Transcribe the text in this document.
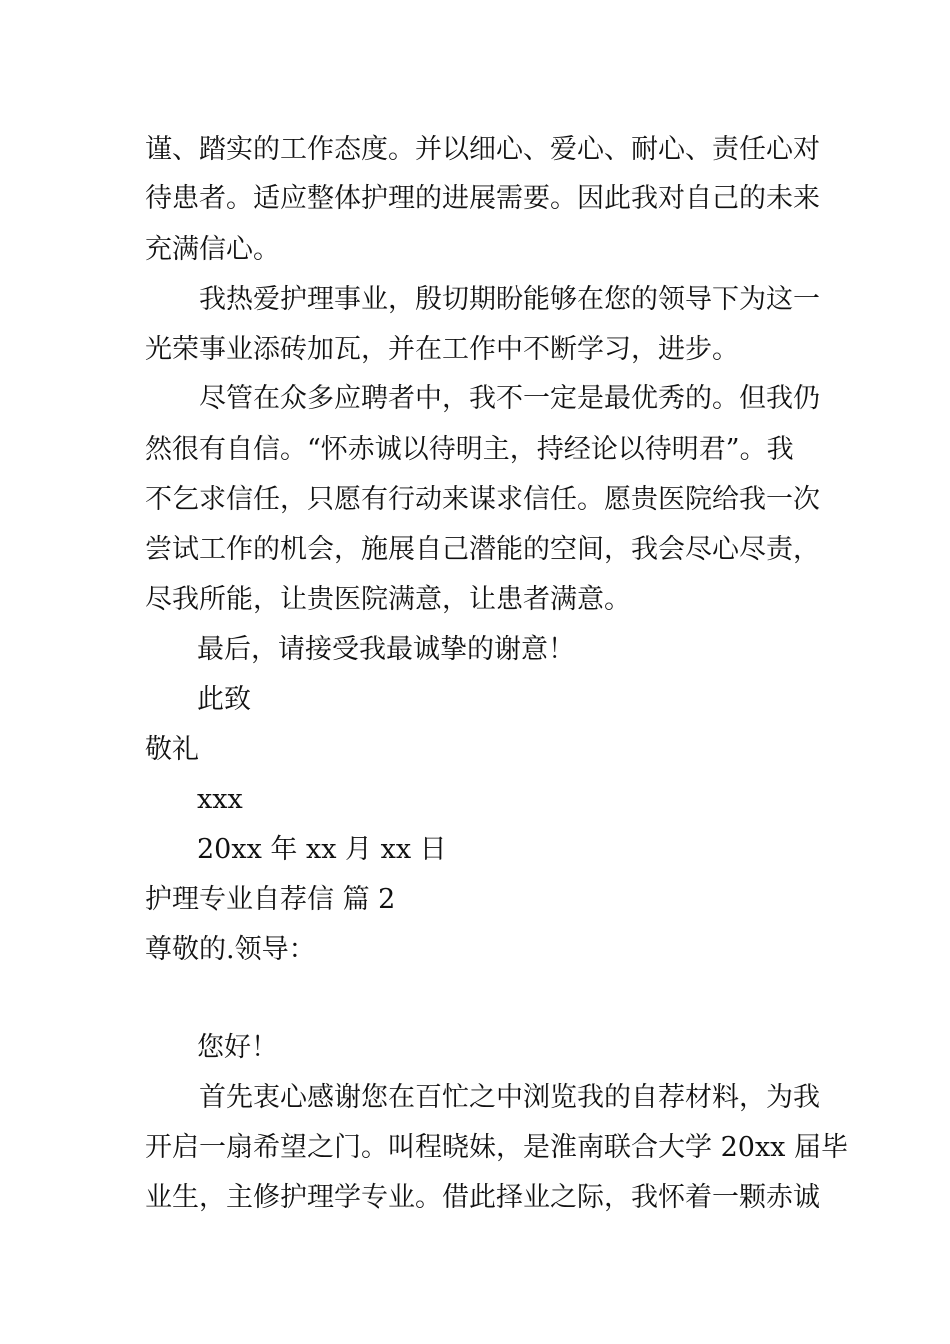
谨、踏实的工作态度。并以细心、爱心、耐心、责任心对
待患者。适应整体护理的进展需要。因此我对自己的未来
充满信心。
我热爱护理事业，殷切期盼能够在您的领导下为这一
光荣事业添砖加瓦，并在工作中不断学习，进步。
尽管在众多应聘者中，我不一定是最优秀的。但我仍
然很有自信。“怀赤诚以待明主，持经论以待明君”。我
不乞求信任，只愿有行动来谋求信任。愿贵医院给我一次
尝试工作的机会，施展自己潜能的空间，我会尽心尽责，
尽我所能，让贵医院满意，让患者满意。
最后，请接受我最诚挚的谢意！
此致
敬礼
xxx
20xx 年 xx 月 xx 日
护理专业自荐信 篇 2
尊敬的.领导：
您好！
首先衷心感谢您在百忙之中浏览我的自荐材料，为我
开启一扇希望之门。叫程晓妹，是淮南联合大学 20xx 届毕
业生，主修护理学专业。借此择业之际，我怀着一颗赤诚
